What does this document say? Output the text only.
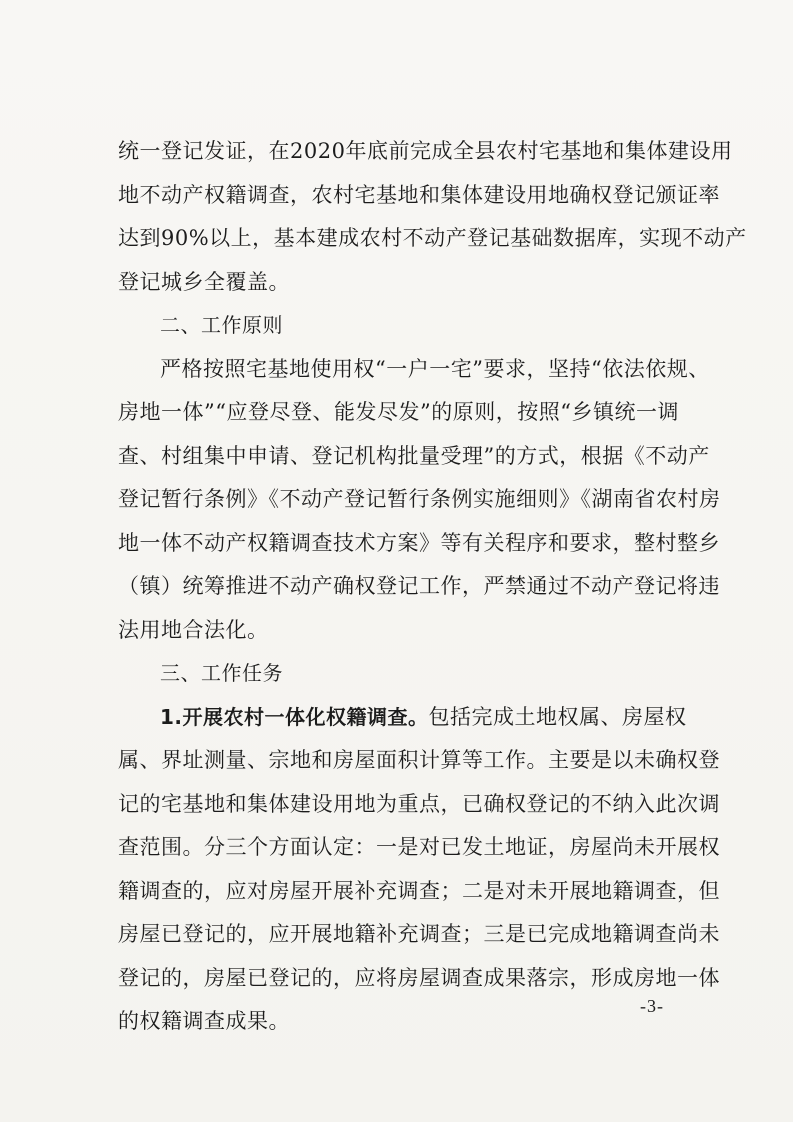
统一登记发证，在2020年底前完成全县农村宅基地和集体建设用
地不动产权籍调查，农村宅基地和集体建设用地确权登记颁证率
达到90%以上，基本建成农村不动产登记基础数据库，实现不动产
登记城乡全覆盖。
二、工作原则
严格按照宅基地使用权“一户一宅”要求，坚持“依法依规、
房地一体”“应登尽登、能发尽发”的原则，按照“乡镇统一调
查、村组集中申请、登记机构批量受理”的方式，根据《不动产
登记暂行条例》《不动产登记暂行条例实施细则》《湖南省农村房
地一体不动产权籍调查技术方案》等有关程序和要求，整村整乡
（镇）统筹推进不动产确权登记工作，严禁通过不动产登记将违
法用地合法化。
三、工作任务
1.开展农村一体化权籍调查。包括完成土地权属、房屋权
属、界址测量、宗地和房屋面积计算等工作。主要是以未确权登
记的宅基地和集体建设用地为重点，已确权登记的不纳入此次调
查范围。分三个方面认定：一是对已发土地证，房屋尚未开展权
籍调查的，应对房屋开展补充调查；二是对未开展地籍调查，但
房屋已登记的，应开展地籍补充调查；三是已完成地籍调查尚未
登记的，房屋已登记的，应将房屋调查成果落宗，形成房地一体
的权籍调查成果。
-3-
